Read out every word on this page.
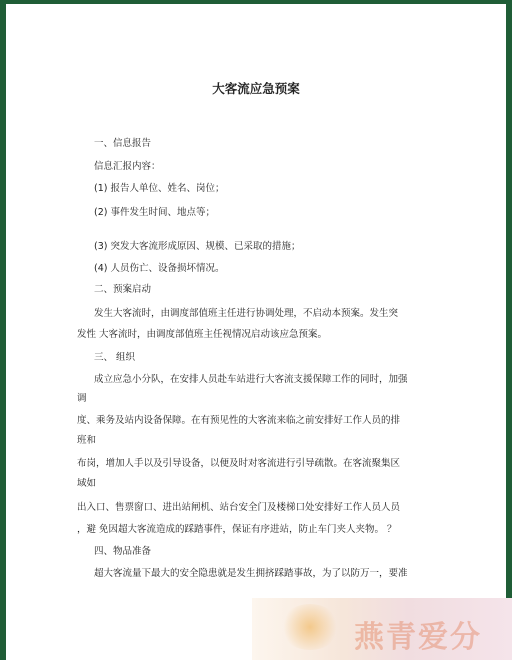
大客流应急预案
一、信息报告
信息汇报内容：
(1) 报告人单位、姓名、岗位；
(2) 事件发生时间、地点等；
(3) 突发大客流形成原因、规模、已采取的措施；
(4) 人员伤亡、设备损坏情况。
二、预案启动
发生大客流时，由调度部值班主任进行协调处理，不启动本预案。发生突
发性 大客流时，由调度部值班主任视情况启动该应急预案。
三、 组织
成立应急小分队，在安排人员赴车站进行大客流支援保障工作的同时，加强
调
度、乘务及站内设备保障。在有预见性的大客流来临之前安排好工作人员的排
班和
布岗，增加人手以及引导设备，以便及时对客流进行引导疏散。在客流聚集区
域如
出入口、售票窗口、进出站闸机、站台安全门及楼梯口处安排好工作人员人员
，避 免因超大客流造成的踩踏事件，保证有序进站，防止车门夹人夹物。 ？
四、物品准备
超大客流量下最大的安全隐患就是发生拥挤踩踏事故，为了以防万一，要准
燕青爱分
